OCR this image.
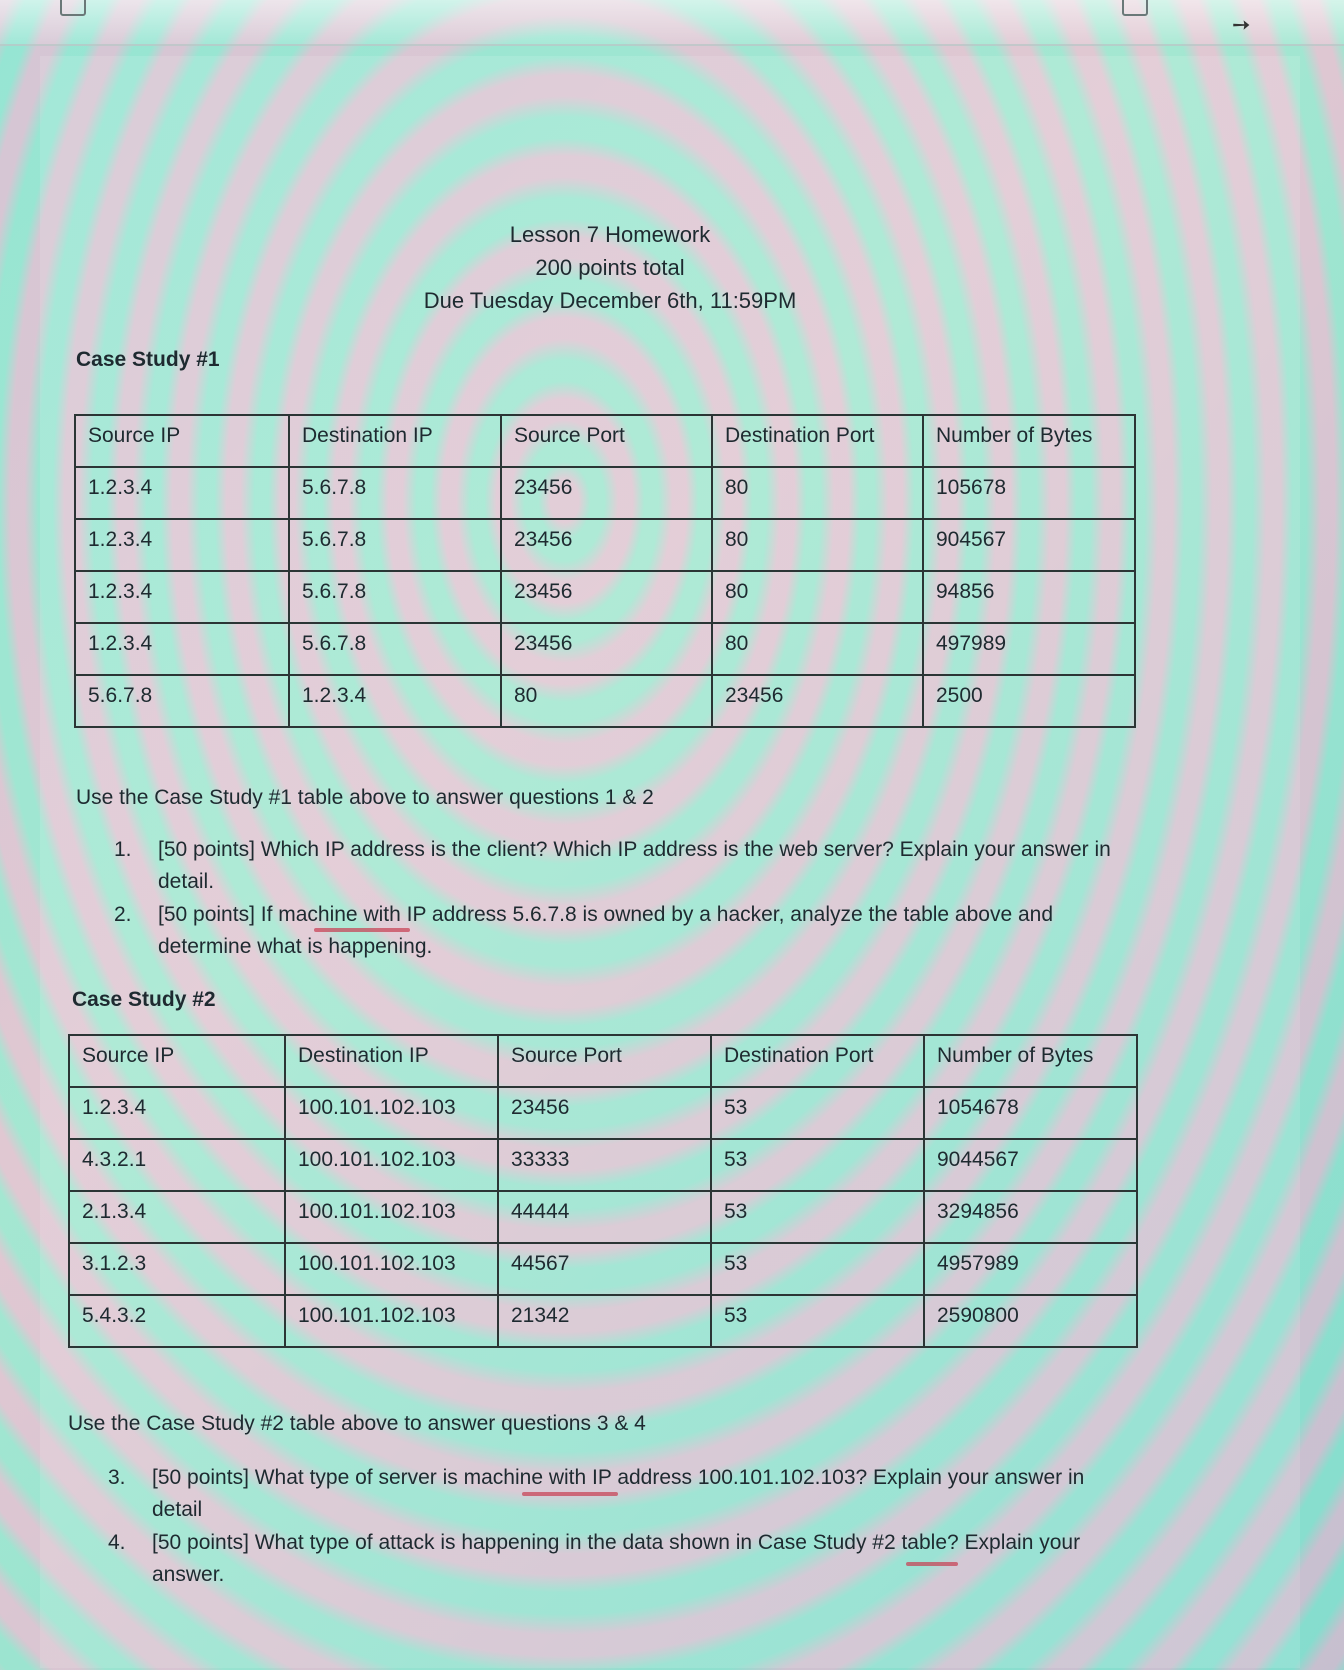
➙
Lesson 7 Homework
200 points total
Due Tuesday December 6th, 11:59PM
Case Study #1
Source IP	Destination IP	Source Port	Destination Port	Number of Bytes
1.2.3.4	5.6.7.8	23456	80	105678
1.2.3.4	5.6.7.8	23456	80	904567
1.2.3.4	5.6.7.8	23456	80	94856
1.2.3.4	5.6.7.8	23456	80	497989
5.6.7.8	1.2.3.4	80	23456	2500
Use the Case Study #1 table above to answer questions 1 & 2
1. [50 points] Which IP address is the client? Which IP address is the web server? Explain your answer in detail.
2. [50 points] If machine with IP address 5.6.7.8 is owned by a hacker, analyze the table above and determine what is happening.
Case Study #2
Source IP	Destination IP	Source Port	Destination Port	Number of Bytes
1.2.3.4	100.101.102.103	23456	53	1054678
4.3.2.1	100.101.102.103	33333	53	9044567
2.1.3.4	100.101.102.103	44444	53	3294856
3.1.2.3	100.101.102.103	44567	53	4957989
5.4.3.2	100.101.102.103	21342	53	2590800
Use the Case Study #2 table above to answer questions 3 & 4
3. [50 points] What type of server is machine with IP address 100.101.102.103? Explain your answer in detail
4. [50 points] What type of attack is happening in the data shown in Case Study #2 table? Explain your answer.
